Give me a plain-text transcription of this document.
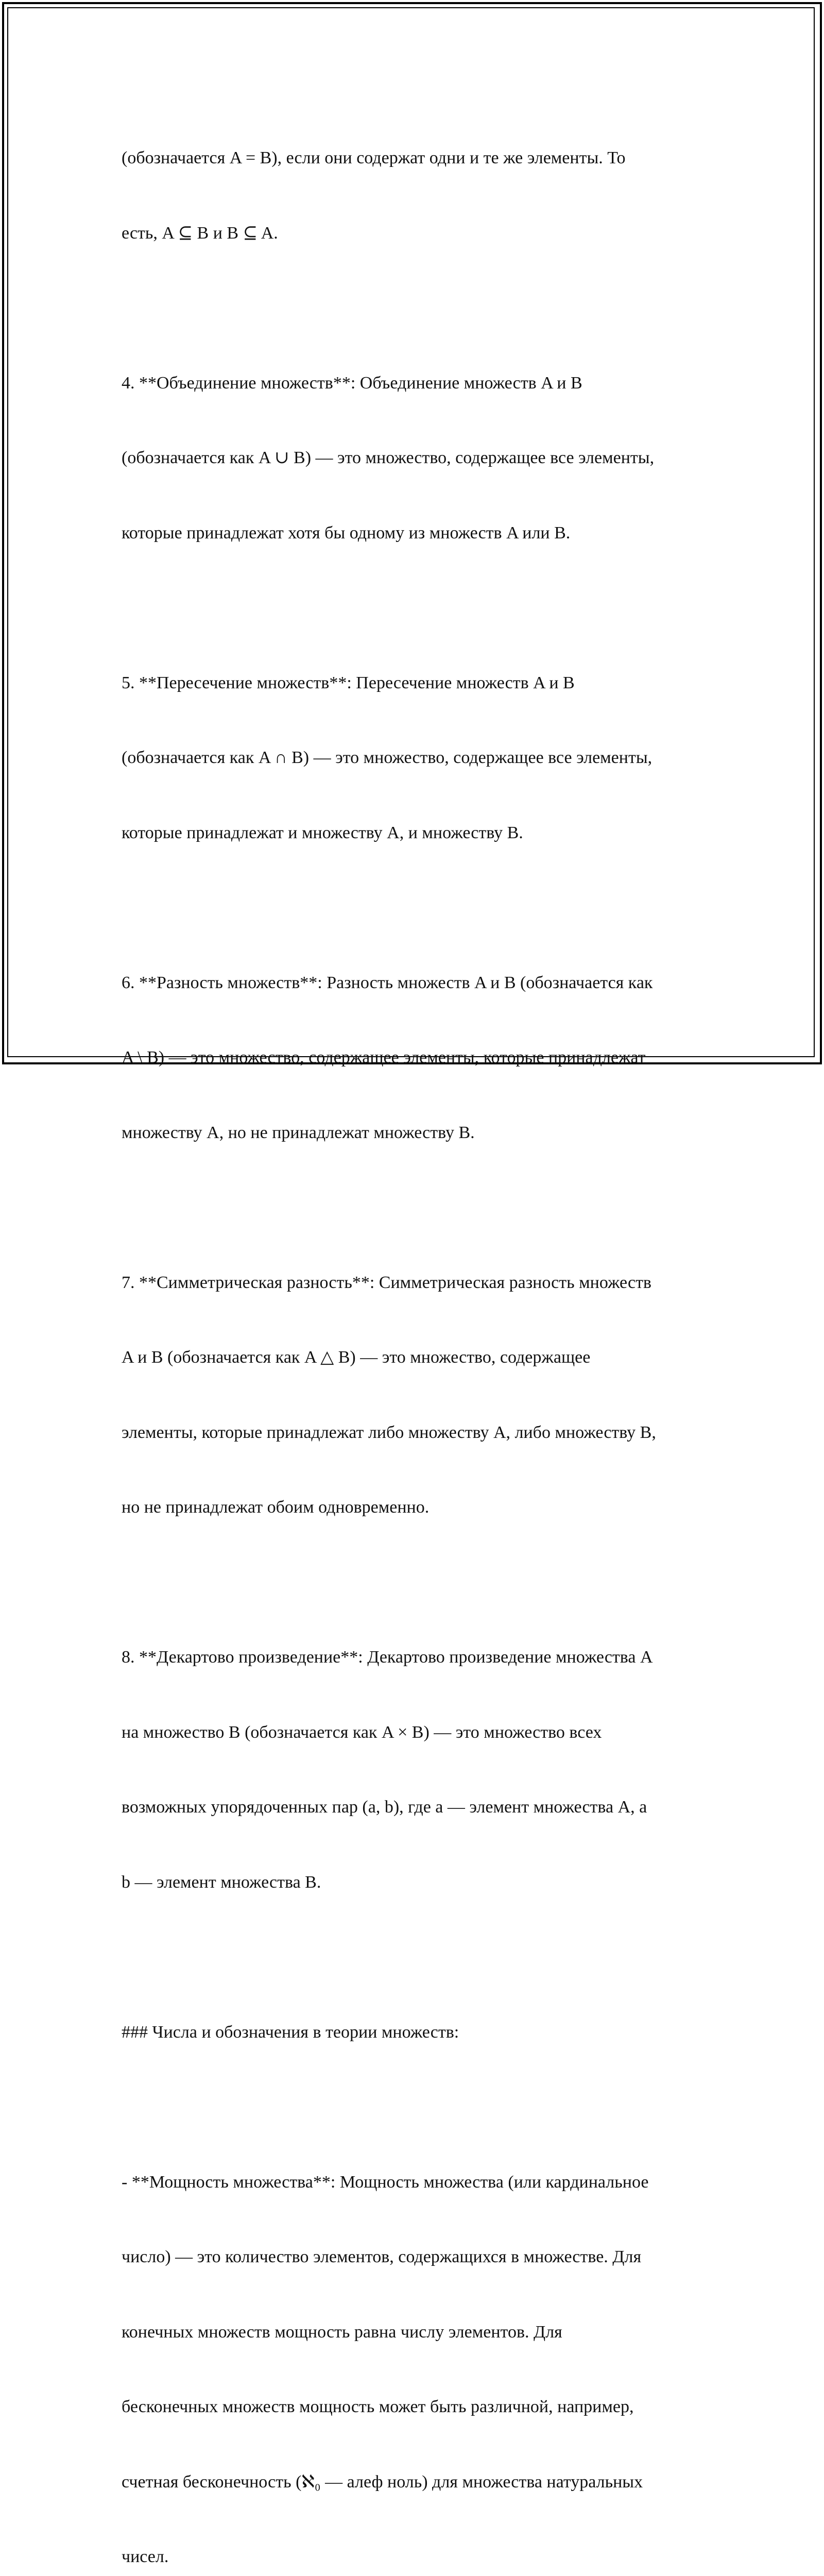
(обозначается A = B), если они содержат одни и те же элементы. То

есть, A ⊆ B и B ⊆ A.

4. **Объединение множеств**: Объединение множеств A и B

(обозначается как A ∪ B) — это множество, содержащее все элементы,

которые принадлежат хотя бы одному из множеств A или B.

5. **Пересечение множеств**: Пересечение множеств A и B

(обозначается как A ∩ B) — это множество, содержащее все элементы,

которые принадлежат и множеству A, и множеству B.

6. **Разность множеств**: Разность множеств A и B (обозначается как

A \ B) — это множество, содержащее элементы, которые принадлежат

множеству A, но не принадлежат множеству B.

7. **Симметрическая разность**: Симметрическая разность множеств

A и B (обозначается как A △ B) — это множество, содержащее

элементы, которые принадлежат либо множеству A, либо множеству B,

но не принадлежат обоим одновременно.

8. **Декартово произведение**: Декартово произведение множества A

на множество B (обозначается как A × B) — это множество всех

возможных упорядоченных пар (a, b), где a — элемент множества A, а

b — элемент множества B.

### Числа и обозначения в теории множеств:

- **Мощность множества**: Мощность множества (или кардинальное

число) — это количество элементов, содержащихся в множестве. Для

конечных множеств мощность равна числу элементов. Для

бесконечных множеств мощность может быть различной, например,

счетная бесконечность (ℵ₀ — алеф ноль) для множества натуральных

чисел.
